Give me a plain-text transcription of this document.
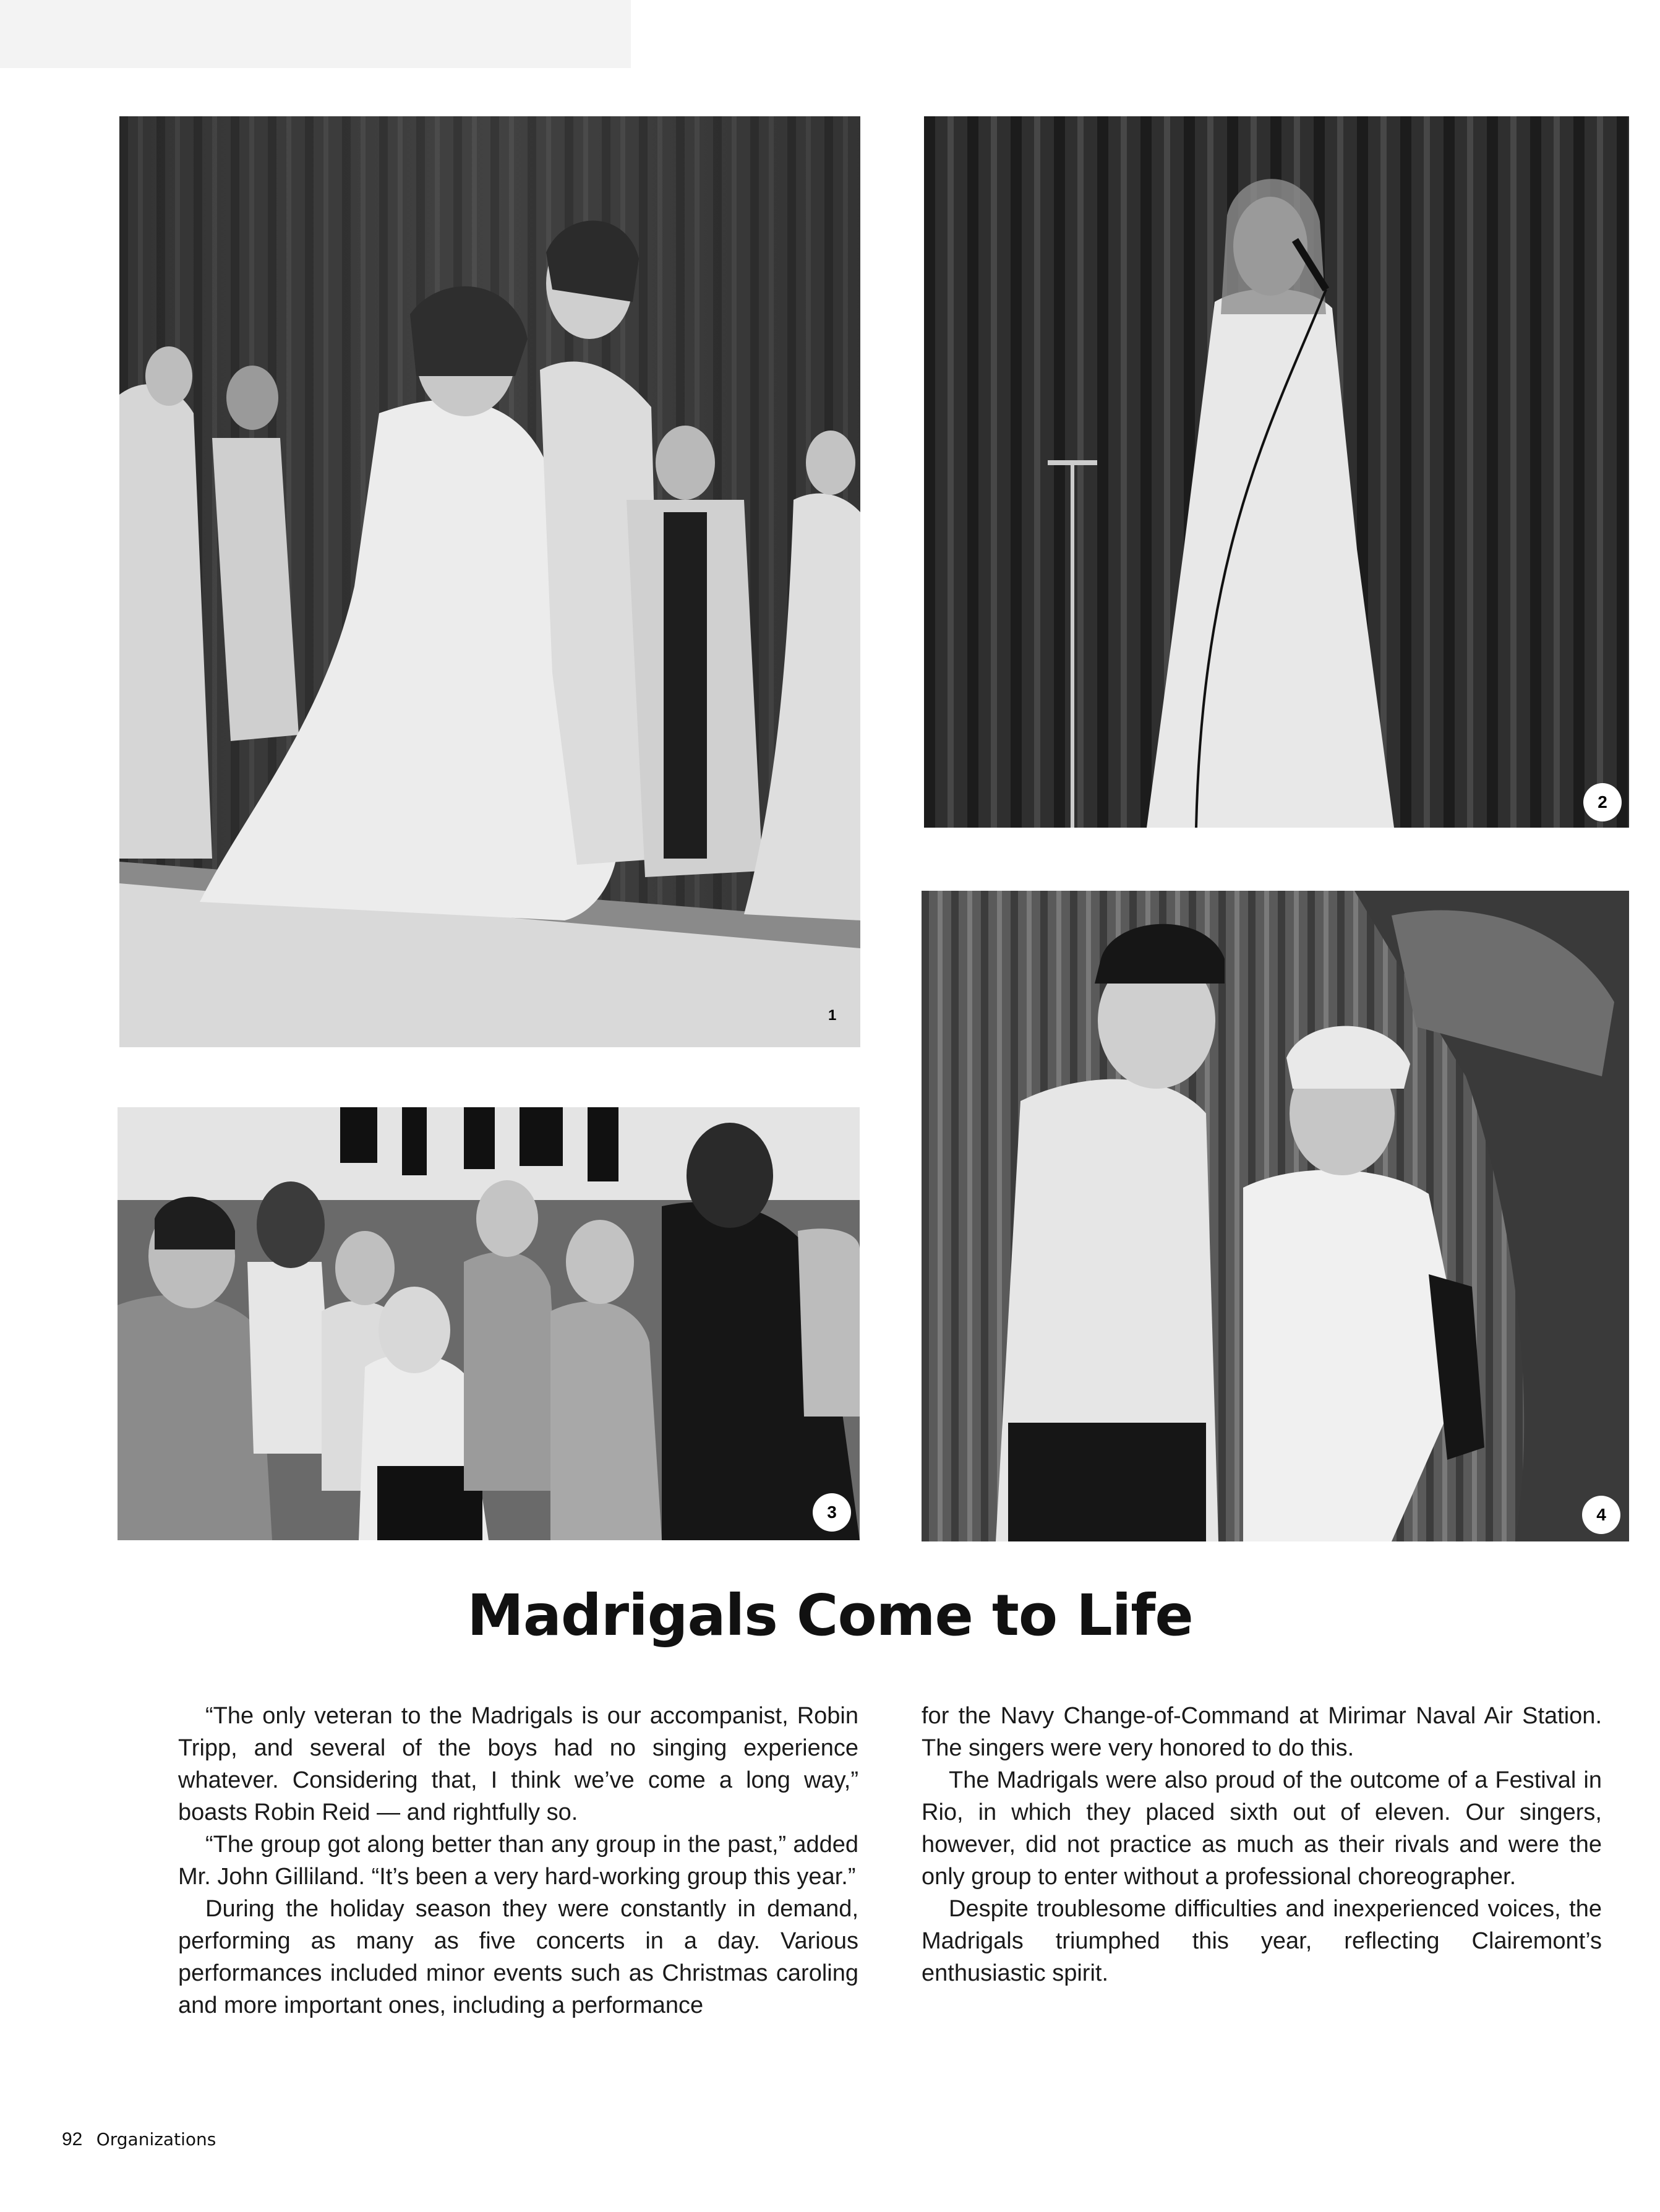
1
2
3	4
Madrigals Come to Life

“The only veteran to the Madrigals is our accompanist, Robin Tripp, and several of the boys had no singing experience whatever. Considering that, I think we’ve come a long way,” boasts Robin Reid — and rightfully so.

“The group got along better than any group in the past,” added Mr. John Gilliland. “It’s been a very hard-working group this year.”

During the holiday season they were constantly in demand, performing as many as five concerts in a day. Various performances included minor events such as Christmas caroling and more important ones, including a performance

for the Navy Change-of-Command at Mirimar Naval Air Station. The singers were very honored to do this.

The Madrigals were also proud of the outcome of a Festival in Rio, in which they placed sixth out of eleven. Our singers, however, did not practice as much as their rivals and were the only group to enter without a professional choreographer.

Despite troublesome difficulties and inexperienced voices, the Madrigals triumphed this year, reflecting Clairemont’s enthusiastic spirit.

92 Organizations
